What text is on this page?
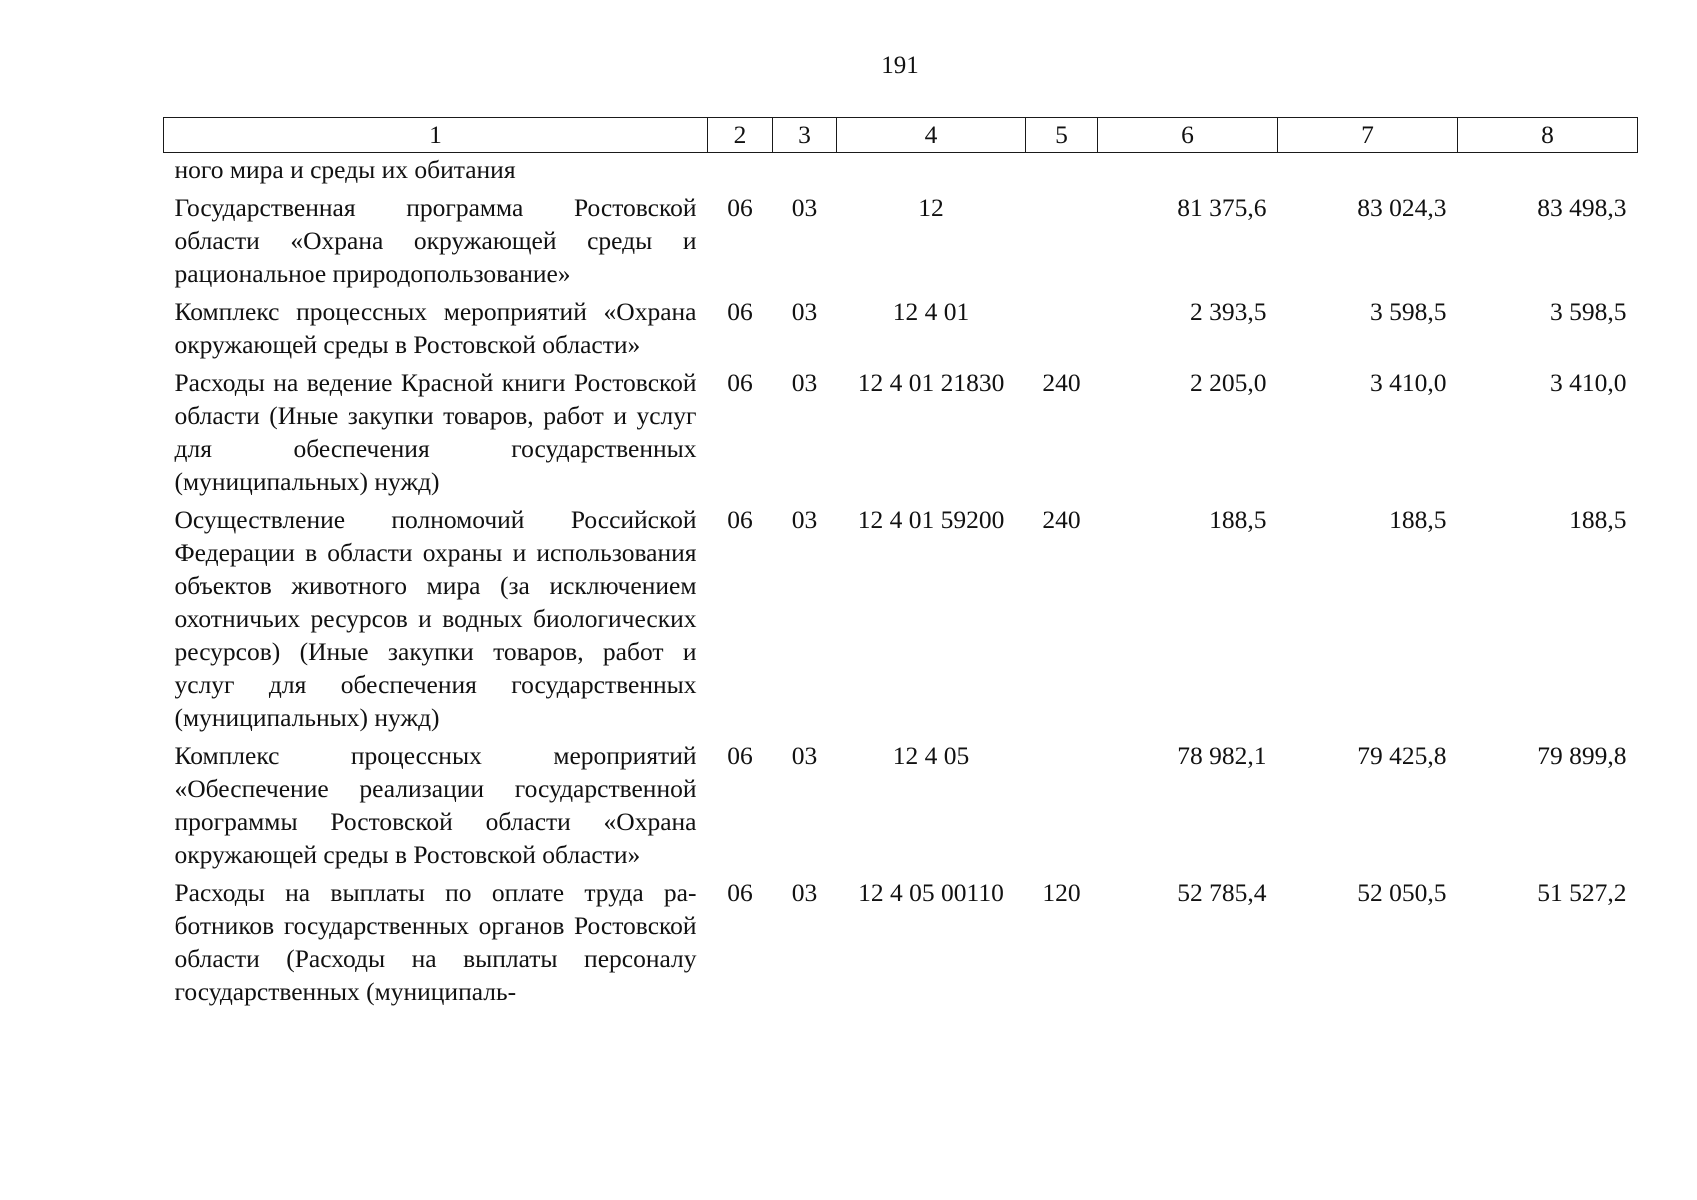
191
1	2	3	4	5	6	7	8
ного мира и среды их обитания							
Государственная программа Ростовской области «Охрана окружающей среды и рациональное природопользование»	06	03	12		81 375,6	83 024,3	83 498,3
Комплекс процессных мероприятий «Охрана окружающей среды в Ростовской области»	06	03	12 4 01		2 393,5	3 598,5	3 598,5
Расходы на ведение Красной книги Ростовской области (Иные закупки товаров, работ и услуг для обеспечения государственных (муниципальных) нужд)	06	03	12 4 01 21830	240	2 205,0	3 410,0	3 410,0
Осуществление полномочий Российской Федерации в области охраны и использования объектов животного мира (за исключением охотничьих ресурсов и водных биологических ресурсов) (Иные закупки товаров, работ и услуг для обеспечения государственных (муниципальных) нужд)	06	03	12 4 01 59200	240	188,5	188,5	188,5
Комплекс процессных мероприятий «Обеспечение реализации государственной программы Ростовской области «Охрана окружающей среды в Ростовской области»	06	03	12 4 05		78 982,1	79 425,8	79 899,8
Расходы на выплаты по оплате труда работников государственных органов Ростовской области (Расходы на выплаты персоналу государственных (муниципаль-	06	03	12 4 05 00110	120	52 785,4	52 050,5	51 527,2
